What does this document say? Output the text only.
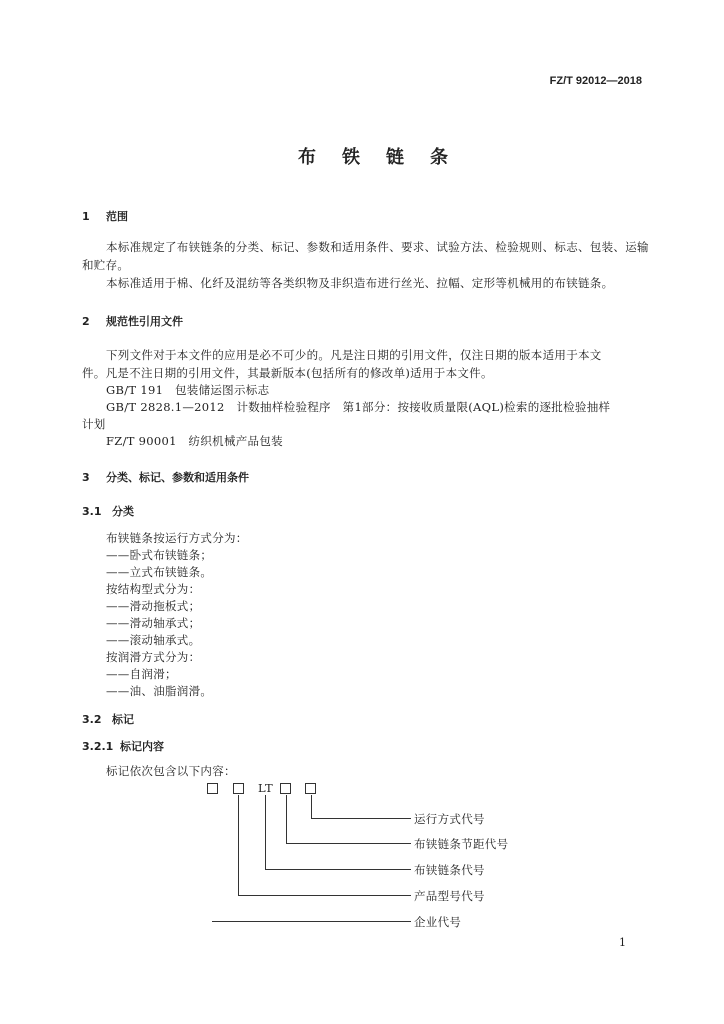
FZ/T 92012—2018
布铁链条
1 范围
本标准规定了布铗链条的分类、标记、参数和适用条件、要求、试验方法、检验规则、标志、包装、运输
和贮存。
本标准适用于棉、化纤及混纺等各类织物及非织造布进行丝光、拉幅、定形等机械用的布铗链条。
2 规范性引用文件
下列文件对于本文件的应用是必不可少的。凡是注日期的引用文件，仅注日期的版本适用于本文
件。凡是不注日期的引用文件，其最新版本(包括所有的修改单)适用于本文件。
GB/T 191　包装储运图示标志
GB/T 2828.1—2012　计数抽样检验程序　第1部分：按接收质量限(AQL)检索的逐批检验抽样
计划
FZ/T 90001　纺织机械产品包装
3 分类、标记、参数和适用条件
3.1 分类
布铗链条按运行方式分为：
——卧式布铗链条；
——立式布铗链条。
按结构型式分为：
——滑动拖板式；
——滑动轴承式；
——滚动轴承式。
按润滑方式分为：
——自润滑；
——油、油脂润滑。
3.2 标记
3.2.1 标记内容
标记依次包含以下内容：
LT
运行方式代号
布铗链条节距代号
布铗链条代号
产品型号代号
企业代号
1
